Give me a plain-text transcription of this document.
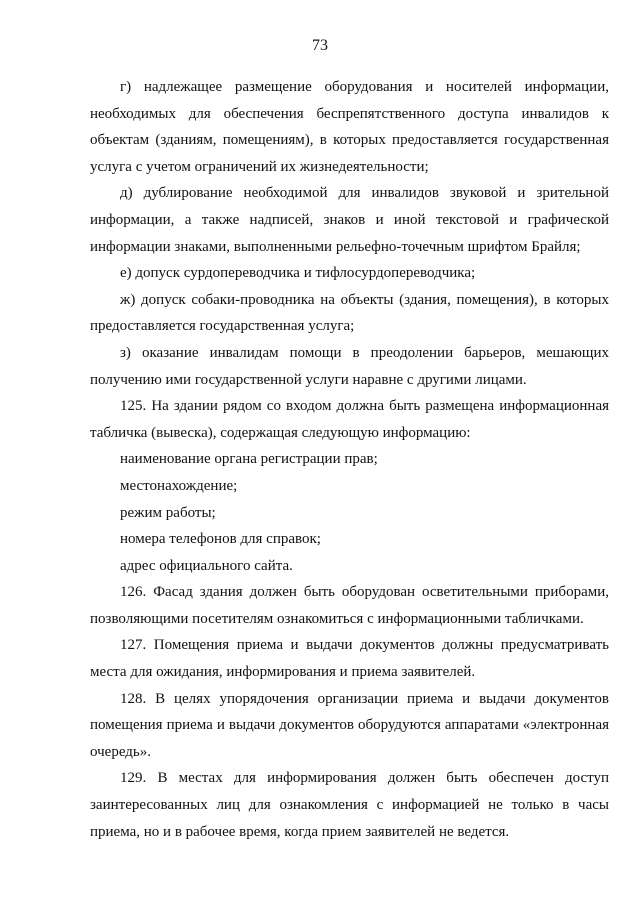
73

г) надлежащее размещение оборудования и носителей информации, необходимых для обеспечения беспрепятственного доступа инвалидов к объектам (зданиям, помещениям), в которых предоставляется государственная услуга с учетом ограничений их жизнедеятельности;

д) дублирование необходимой для инвалидов звуковой и зрительной информации, а также надписей, знаков и иной текстовой и графической информации знаками, выполненными рельефно-точечным шрифтом Брайля;

е) допуск сурдопереводчика и тифлосурдопереводчика;

ж) допуск собаки-проводника на объекты (здания, помещения), в которых предоставляется государственная услуга;

з) оказание инвалидам помощи в преодолении барьеров, мешающих получению ими государственной услуги наравне с другими лицами.

125. На здании рядом со входом должна быть размещена информационная табличка (вывеска), содержащая следующую информацию:

наименование органа регистрации прав;

местонахождение;

режим работы;

номера телефонов для справок;

адрес официального сайта.

126. Фасад здания должен быть оборудован осветительными приборами, позволяющими посетителям ознакомиться с информационными табличками.

127. Помещения приема и выдачи документов должны предусматривать места для ожидания, информирования и приема заявителей.

128. В целях упорядочения организации приема и выдачи документов помещения приема и выдачи документов оборудуются аппаратами «электронная очередь».

129. В местах для информирования должен быть обеспечен доступ заинтересованных лиц для ознакомления с информацией не только в часы приема, но и в рабочее время, когда прием заявителей не ведется.
